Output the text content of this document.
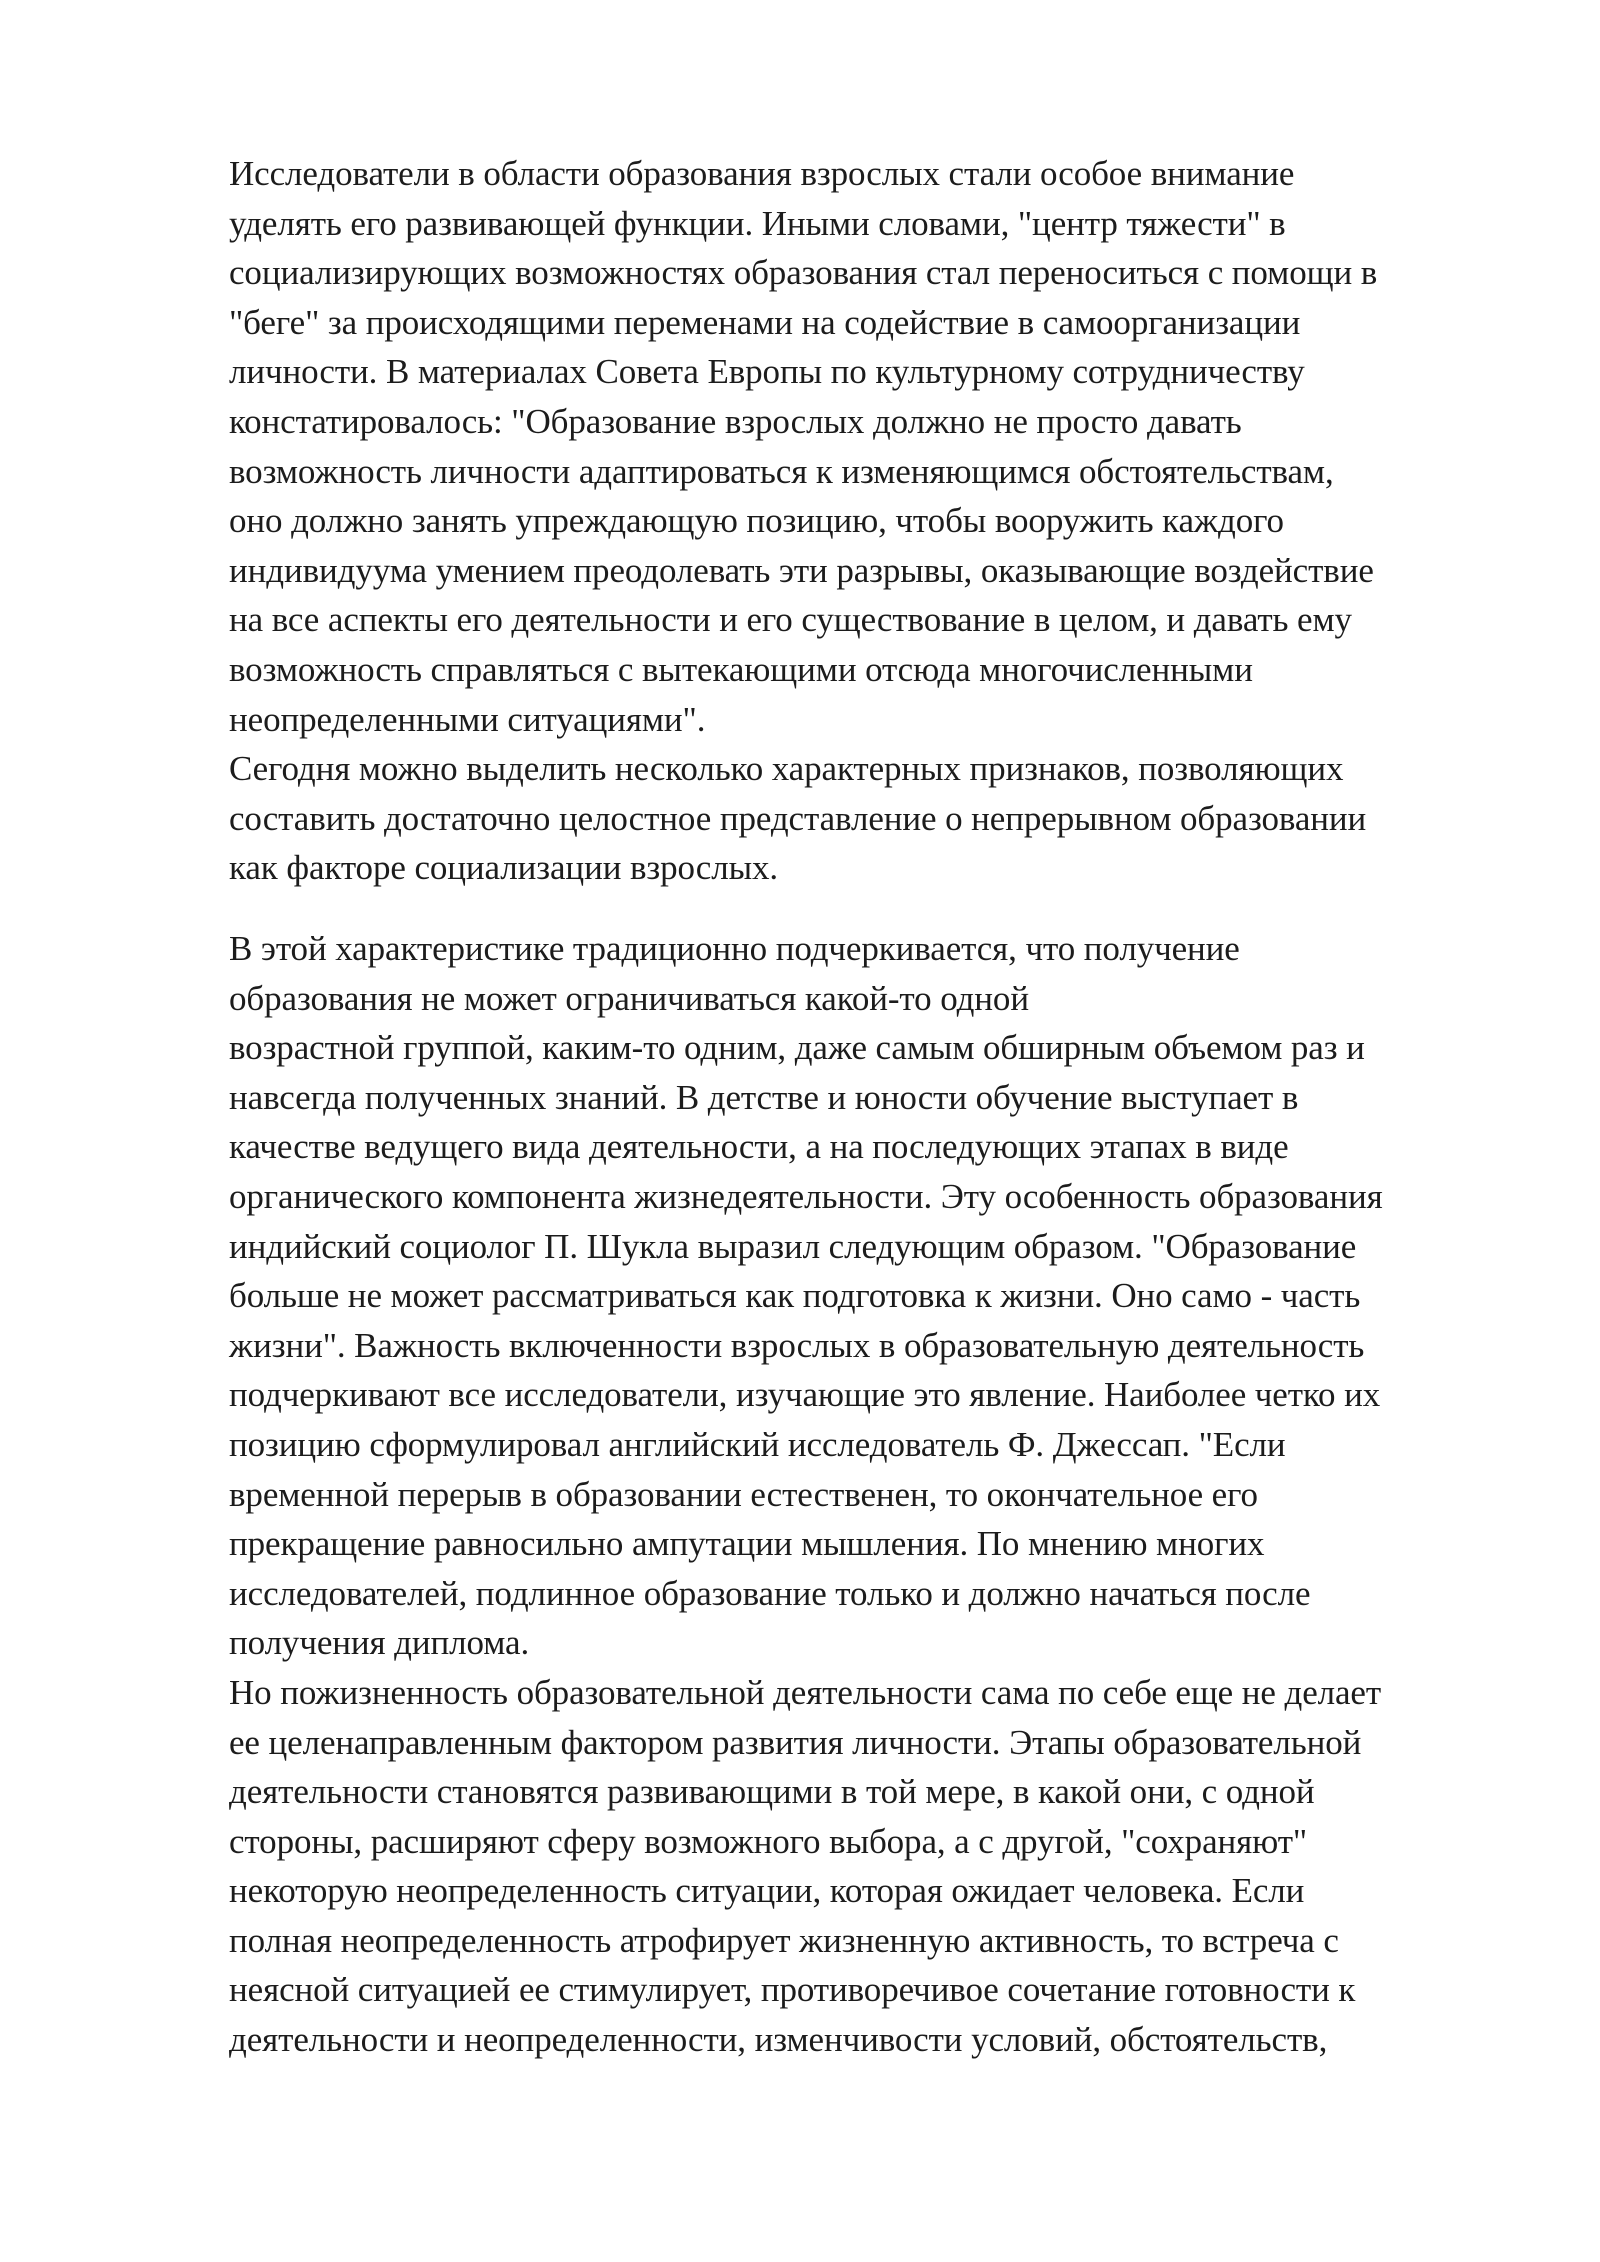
Исследователи в области образования взрослых стали особое внимание
уделять его развивающей функции. Иными словами, "центр тяжести" в
социализирующих возможностях образования стал переноситься с помощи в
"беге" за происходящими переменами на содействие в самоорганизации
личности. В материалах Совета Европы по культурному сотрудничеству
констатировалось: "Образование взрослых должно не просто давать
возможность личности адаптироваться к изменяющимся обстоятельствам,
оно должно занять упреждающую позицию, чтобы вооружить каждого
индивидуума умением преодолевать эти разрывы, оказывающие воздействие
на все аспекты его деятельности и его существование в целом, и давать ему
возможность справляться с вытекающими отсюда многочисленными
неопределенными ситуациями".
Сегодня можно выделить несколько характерных признаков, позволяющих
составить достаточно целостное представление о непрерывном образовании
как факторе социализации взрослых.
В этой характеристике традиционно подчеркивается, что получение
образования не может ограничиваться какой-то одной
возрастной группой, каким-то одним, даже самым обширным объемом раз и
навсегда полученных знаний. В детстве и юности обучение выступает в
качестве ведущего вида деятельности, а на последующих этапах в виде
органического компонента жизнедеятельности. Эту особенность образования
индийский социолог П. Шукла выразил следующим образом. "Образование
больше не может рассматриваться как подготовка к жизни. Оно само - часть
жизни". Важность включенности взрослых в образовательную деятельность
подчеркивают все исследователи, изучающие это явление. Наиболее четко их
позицию сформулировал английский исследователь Ф. Джессап. "Если
временной перерыв в образовании естественен, то окончательное его
прекращение равносильно ампутации мышления. По мнению многих
исследователей, подлинное образование только и должно начаться после
получения диплома.
Но пожизненность образовательной деятельности сама по себе еще не делает
ее целенаправленным фактором развития личности. Этапы образовательной
деятельности становятся развивающими в той мере, в какой они, с одной
стороны, расширяют сферу возможного выбора, а с другой, "сохраняют"
некоторую неопределенность ситуации, которая ожидает человека. Если
полная неопределенность атрофирует жизненную активность, то встреча с
неясной ситуацией ее стимулирует, противоречивое сочетание готовности к
деятельности и неопределенности, изменчивости условий, обстоятельств,
